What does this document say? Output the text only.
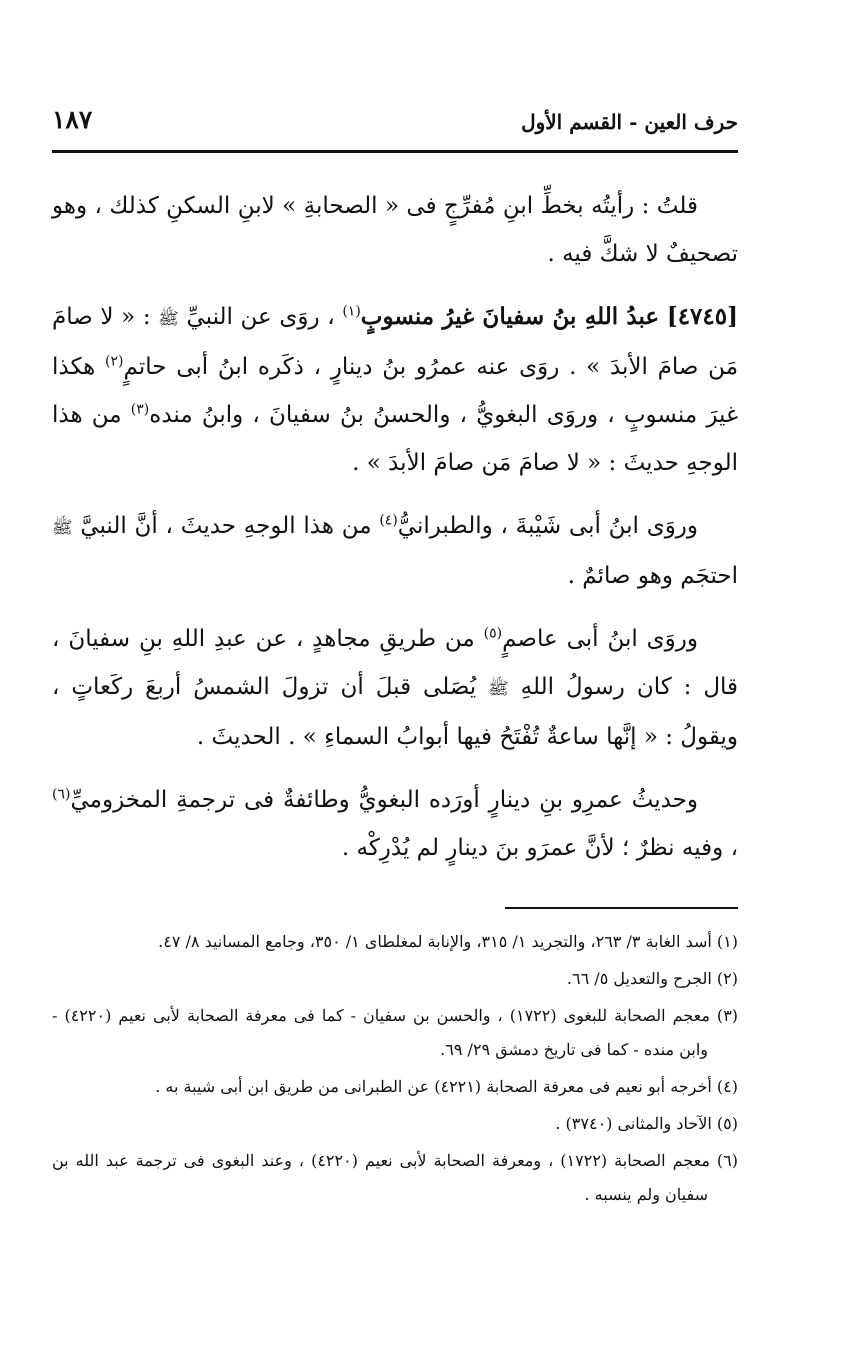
حرف العين - القسم الأول
١٨٧

قلتُ : رأيتُه بخطِّ ابنِ مُفرِّجٍ فى « الصحابةِ » لابنِ السكنِ كذلك ، وهو تصحيفٌ لا شكَّ فيه .

[٤٧٤٥] عبدُ اللهِ بنُ سفيانَ غيرُ منسوبٍ$^{(١)}$ ، روَى عن النبيِّ ﷺ : « لا صامَ مَن صامَ الأبدَ » . روَى عنه عمرُو بنُ دينارٍ ، ذكَره ابنُ أبى حاتمٍ$^{(٢)}$ هكذا غيرَ منسوبٍ ، وروَى البغويُّ ، والحسنُ بنُ سفيانَ ، وابنُ منده$^{(٣)}$ من هذا الوجهِ حديثَ : « لا صامَ مَن صامَ الأبدَ » .

وروَى ابنُ أبى شَيْبةَ ، والطبرانيُّ$^{(٤)}$ من هذا الوجهِ حديثَ ، أنَّ النبيَّ ﷺ احتجَم وهو صائمٌ .

وروَى ابنُ أبى عاصمٍ$^{(٥)}$ من طريقِ مجاهدٍ ، عن عبدِ اللهِ بنِ سفيانَ ، قال : كان رسولُ اللهِ ﷺ يُصَلى قبلَ أن تزولَ الشمسُ أربعَ ركَعاتٍ ، ويقولُ : « إنَّها ساعةٌ تُفْتَحُ فيها أبوابُ السماءِ » . الحديثَ .

وحديثُ عمرِو بنِ دينارٍ أورَده البغويُّ وطائفةٌ فى ترجمةِ المخزوميِّ$^{(٦)}$ ، وفيه نظرٌ ؛ لأنَّ عمرَو بنَ دينارٍ لم يُدْرِكْه .

(١) أسد الغابة ٣/ ٢٦٣، والتجريد ١/ ٣١٥، والإنابة لمغلطاى ١/ ٣٥٠، وجامع المسانيد ٨/ ٤٧.

(٢) الجرح والتعديل ٥/ ٦٦.

(٣) معجم الصحابة للبغوى (١٧٢٢) ، والحسن بن سفيان - كما فى معرفة الصحابة لأبى نعيم (٤٢٢٠) - وابن منده - كما فى تاريخ دمشق ٢٩/ ٦٩.

(٤) أخرجه أبو نعيم فى معرفة الصحابة (٤٢٢١) عن الطبرانى من طريق ابن أبى شيبة به .

(٥) الآحاد والمثانى (٣٧٤٠) .

(٦) معجم الصحابة (١٧٢٢) ، ومعرفة الصحابة لأبى نعيم (٤٢٢٠) ، وعند البغوى فى ترجمة عبد الله بن سفيان ولم ينسبه .
